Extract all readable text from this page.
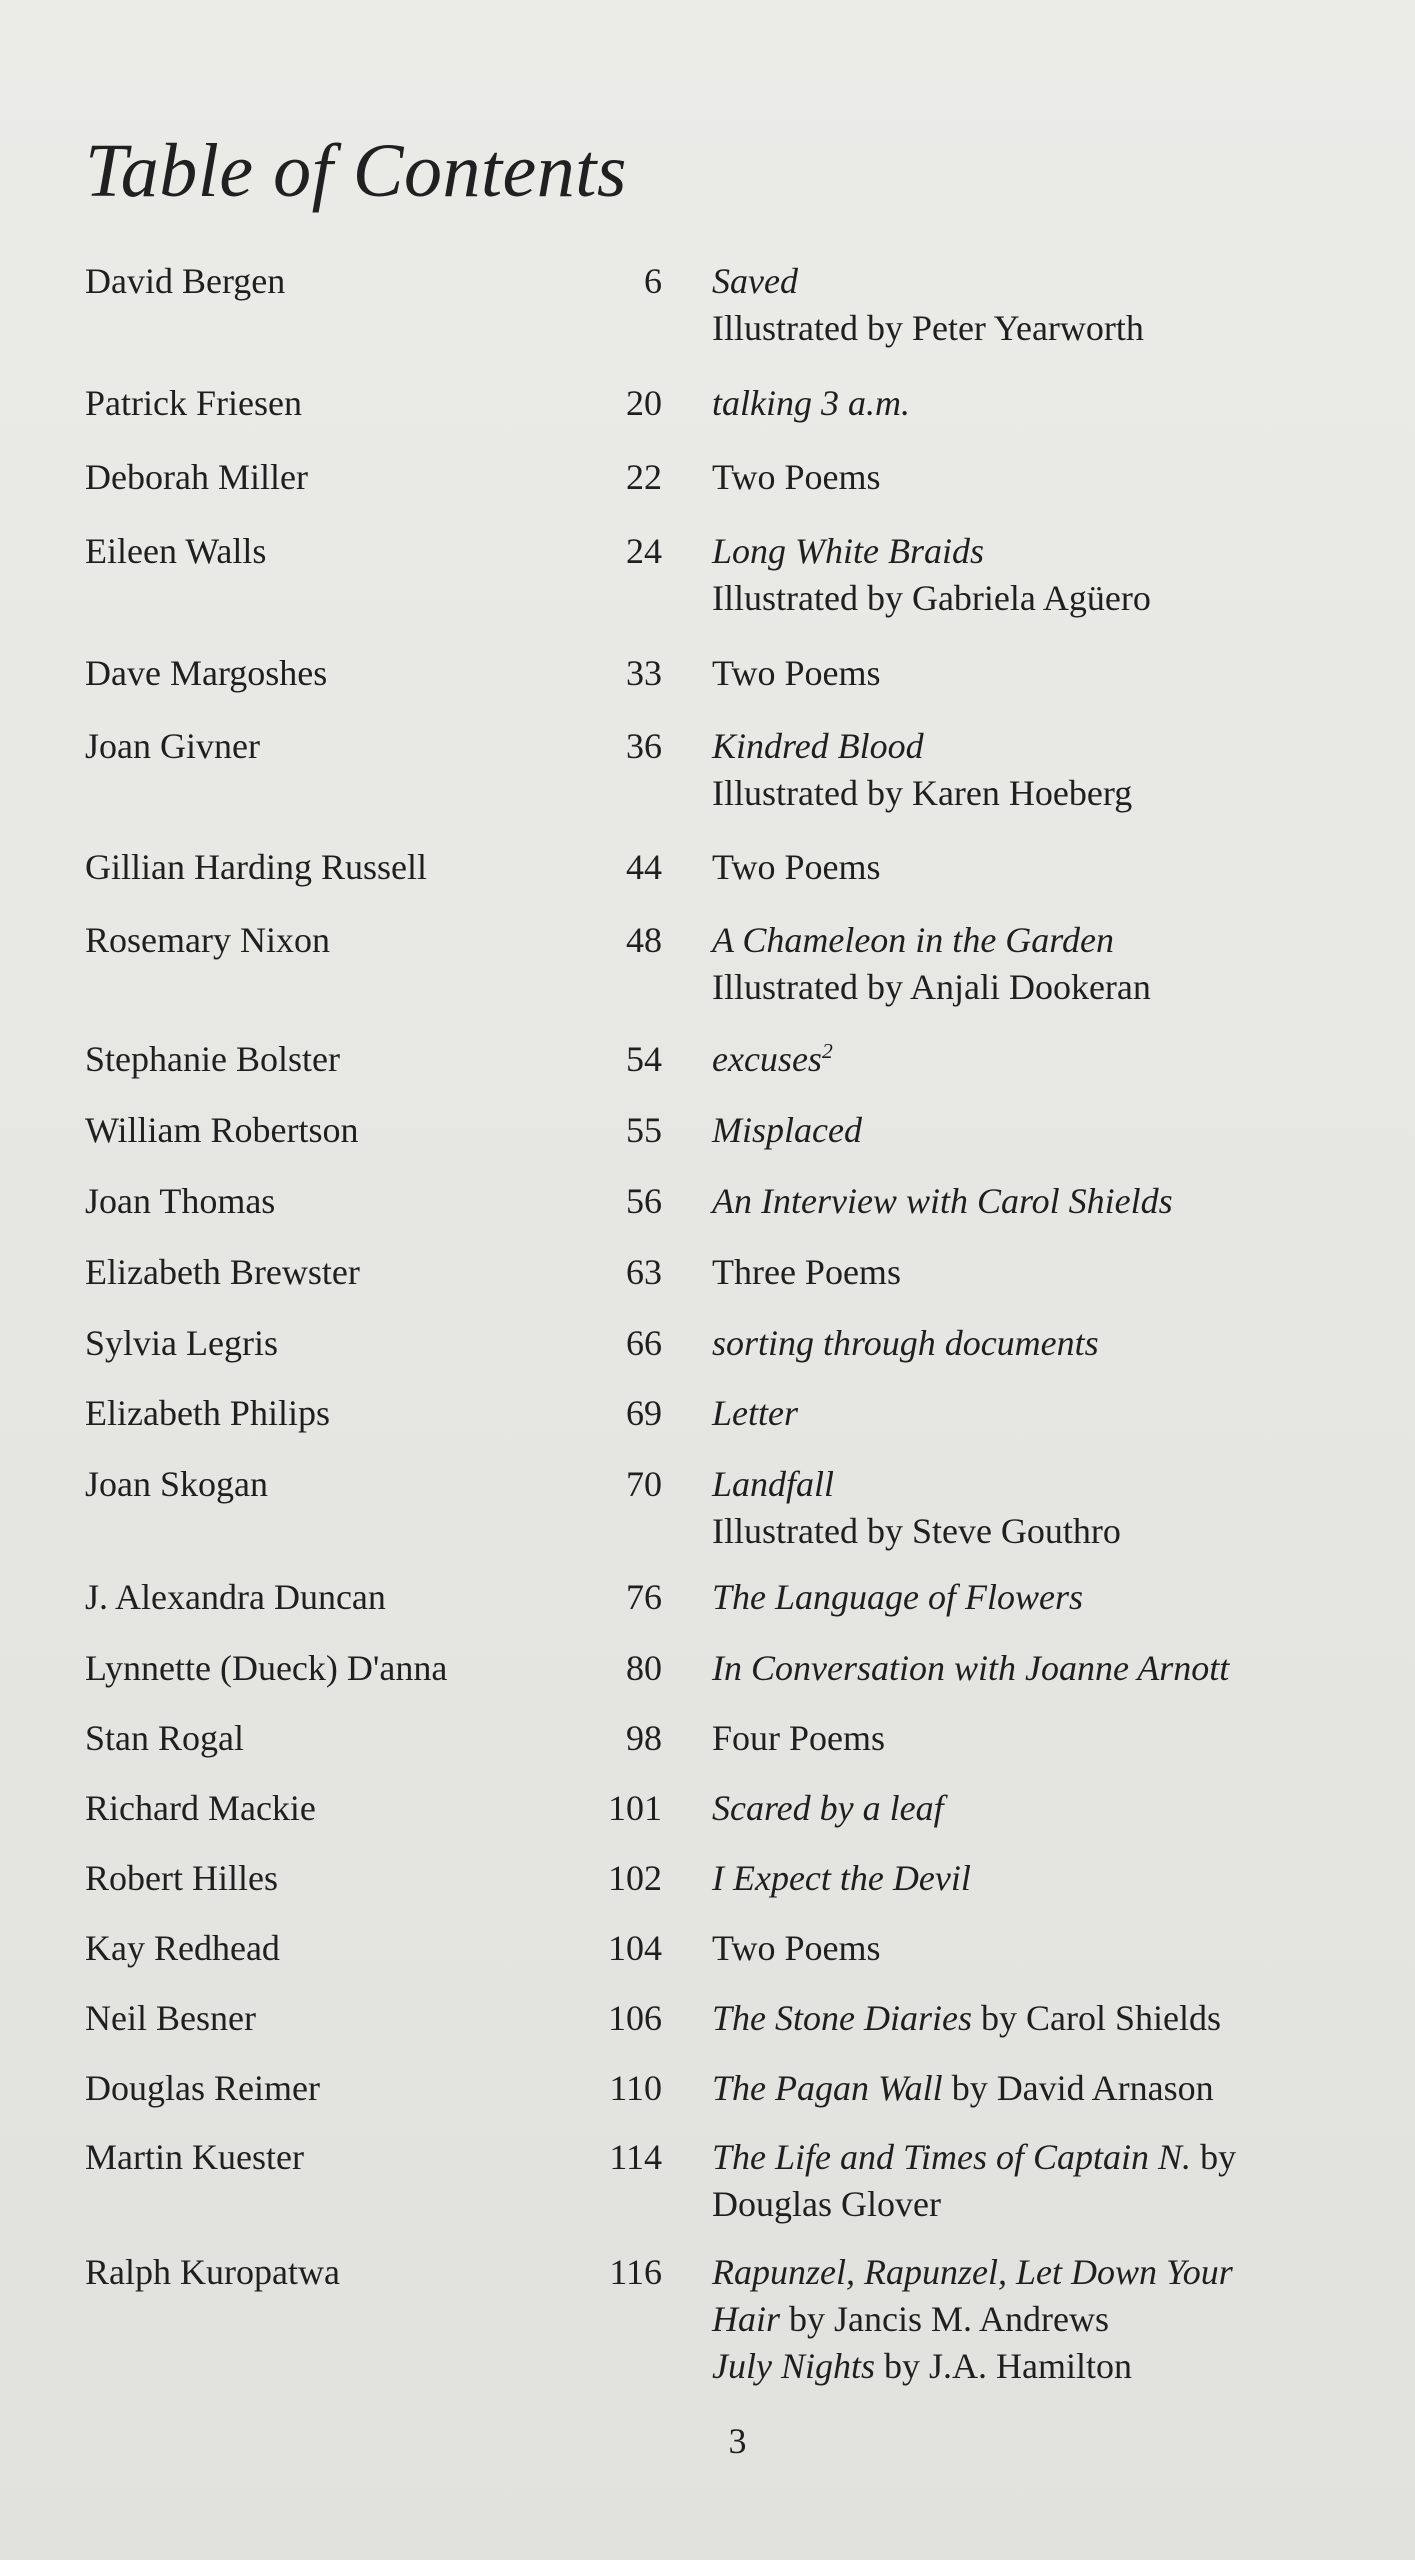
Table of Contents
David Bergen	6 Saved
Illustrated by Peter Yearworth
Patrick Friesen	20 talking 3 a.m.
Deborah Miller	22 Two Poems
Eileen Walls	24 Long White Braids
Illustrated by Gabriela Agüero
Dave Margoshes	33 Two Poems
Joan Givner	36 Kindred Blood
Illustrated by Karen Hoeberg
Gillian Harding Russell	44 Two Poems
Rosemary Nixon	48 A Chameleon in the Garden
Illustrated by Anjali Dookeran
Stephanie Bolster	54 excuses$^2$
William Robertson	55 Misplaced
Joan Thomas	56 An Interview with Carol Shields
Elizabeth Brewster	63 Three Poems
Sylvia Legris	66 sorting through documents
Elizabeth Philips	69 Letter
Joan Skogan	70 Landfall
Illustrated by Steve Gouthro
J. Alexandra Duncan	76 The Language of Flowers
Lynnette (Dueck) D'anna	80 In Conversation with Joanne Arnott
Stan Rogal	98 Four Poems
Richard Mackie	101 Scared by a leaf
Robert Hilles	102 I Expect the Devil
Kay Redhead	104 Two Poems
Neil Besner	106 The Stone Diaries by Carol Shields
Douglas Reimer	110 The Pagan Wall by David Arnason
Martin Kuester	114 The Life and Times of Captain N. by
Douglas Glover
Ralph Kuropatwa	116 Rapunzel, Rapunzel, Let Down Your
Hair by Jancis M. Andrews
July Nights by J.A. Hamilton
3
